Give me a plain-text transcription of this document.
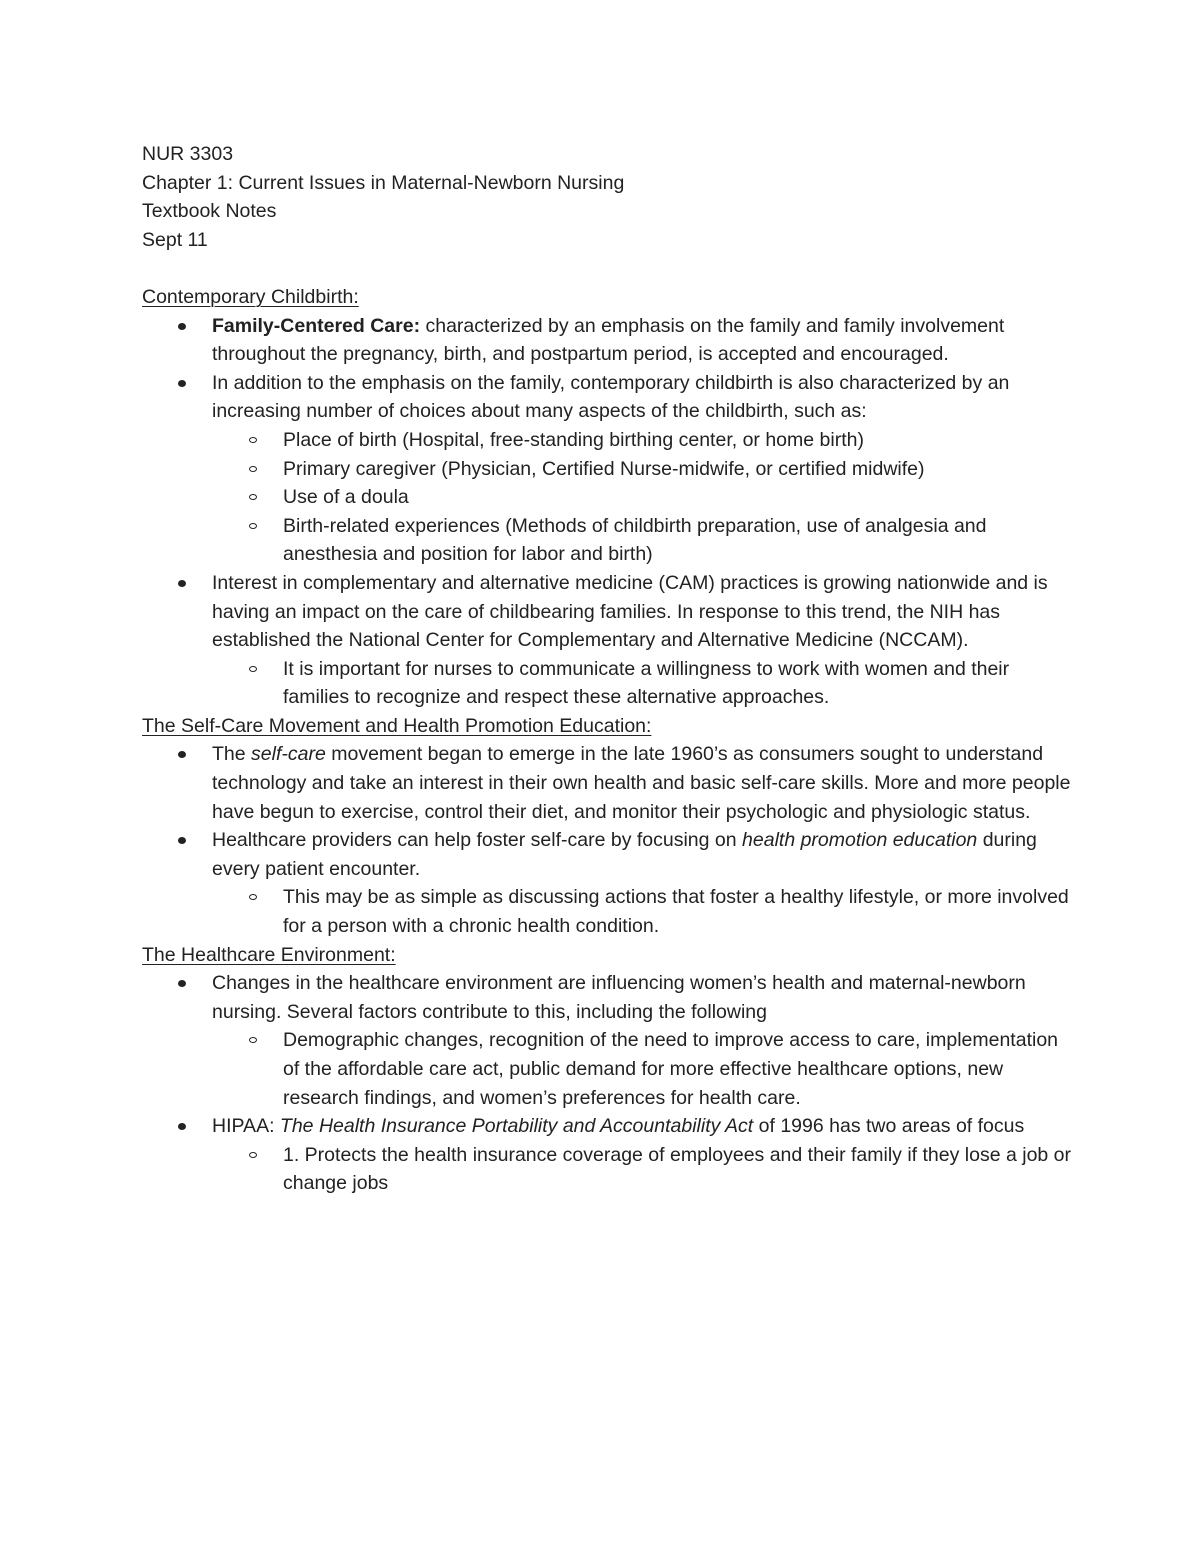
NUR 3303

Chapter 1: Current Issues in Maternal-Newborn Nursing

Textbook Notes

Sept 11

Contemporary Childbirth:

Family-Centered Care: characterized by an emphasis on the family and family involvement throughout the pregnancy, birth, and postpartum period, is accepted and encouraged.
In addition to the emphasis on the family, contemporary childbirth is also characterized by an increasing number of choices about many aspects of the childbirth, such as:
Place of birth (Hospital, free-standing birthing center, or home birth)
Primary caregiver (Physician, Certified Nurse-midwife, or certified midwife)
Use of a doula
Birth-related experiences (Methods of childbirth preparation, use of analgesia and anesthesia and position for labor and birth)
Interest in complementary and alternative medicine (CAM) practices is growing nationwide and is having an impact on the care of childbearing families. In response to this trend, the NIH has established the National Center for Complementary and Alternative Medicine (NCCAM).
It is important for nurses to communicate a willingness to work with women and their families to recognize and respect these alternative approaches.

The Self-Care Movement and Health Promotion Education:

The self-care movement began to emerge in the late 1960’s as consumers sought to understand technology and take an interest in their own health and basic self-care skills. More and more people have begun to exercise, control their diet, and monitor their psychologic and physiologic status.
Healthcare providers can help foster self-care by focusing on health promotion education during every patient encounter.
This may be as simple as discussing actions that foster a healthy lifestyle, or more involved for a person with a chronic health condition.

The Healthcare Environment:

Changes in the healthcare environment are influencing women’s health and maternal-newborn nursing. Several factors contribute to this, including the following
Demographic changes, recognition of the need to improve access to care, implementation of the affordable care act, public demand for more effective healthcare options, new research findings, and women’s preferences for health care.
HIPAA: The Health Insurance Portability and Accountability Act of 1996 has two areas of focus
1. Protects the health insurance coverage of employees and their family if they lose a job or change jobs
